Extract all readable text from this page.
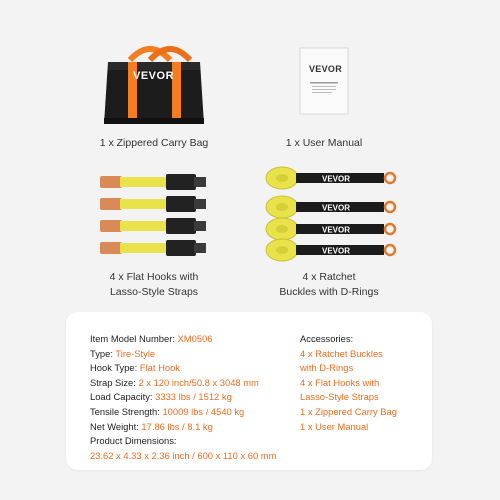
VEVOR
VEVOR
1 x Zippered Carry Bag	1 x User Manual
VEVOR
VEVOR
VEVOR
VEVOR
4 x Flat Hooks with
Lasso-Style Straps
4 x Ratchet
Buckles with D-Rings
Item Model Number: XM0506
Type: Tire-Style
Hook Type: Flat Hook
Strap Size: 2 x 120 inch/50.8 x 3048 mm
Load Capacity: 3333 lbs / 1512 kg
Tensile Strength: 10009 lbs / 4540 kg
Net Weight: 17.86 lbs / 8.1 kg
Product Dimensions:
23.62 x 4.33 x 2.36 inch / 600 x 110 x 60 mm
Accessories:
4 x Ratchet Buckles
with D-Rings
4 x Flat Hooks with
Lasso-Style Straps
1 x Zippered Carry Bag
1 x User Manual
